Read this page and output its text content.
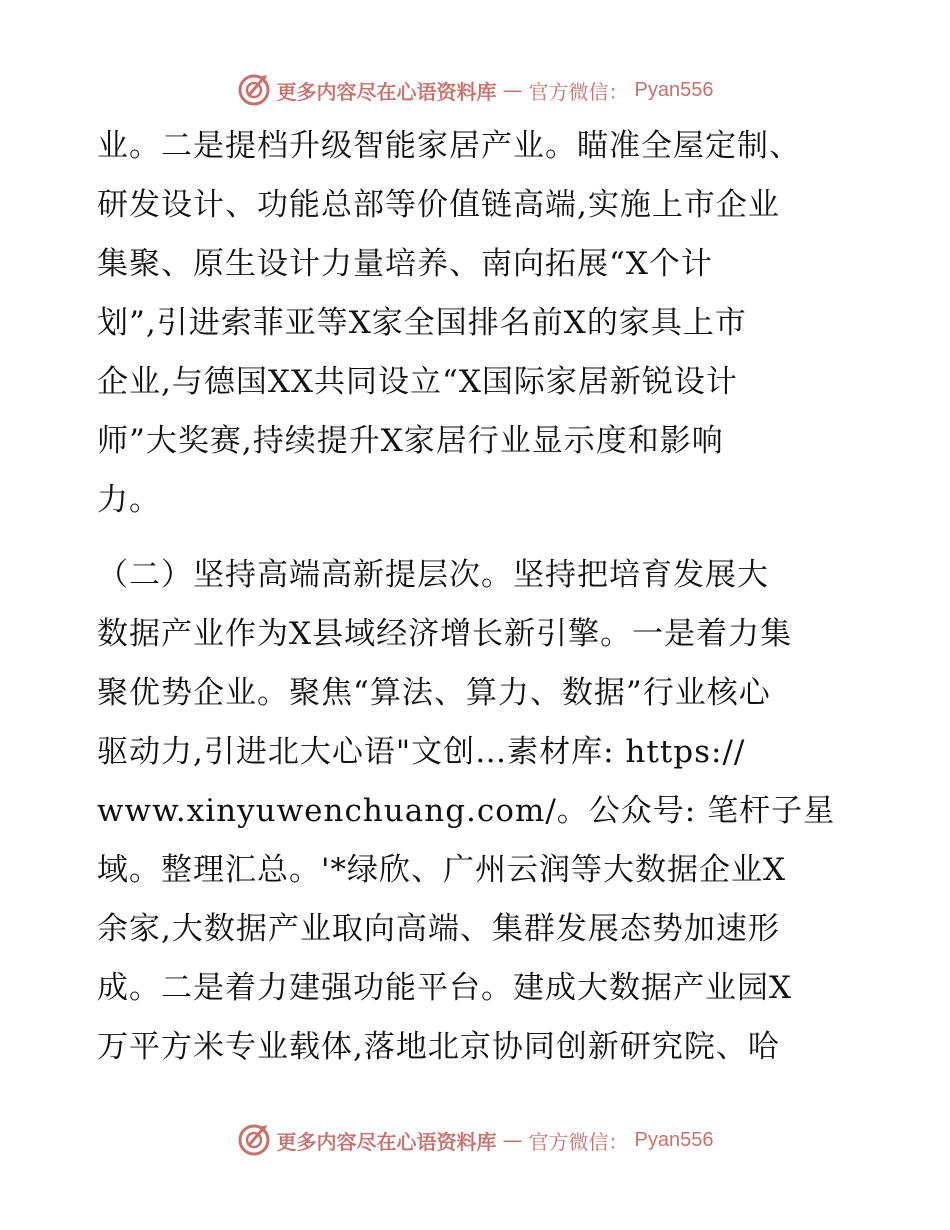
更多内容尽在心语资料库 — 官方微信： Pyan556
业。二是提档升级智能家居产业。瞄准全屋定制、
研发设计、功能总部等价值链高端,实施上市企业
集聚、原生设计力量培养、南向拓展“X个计
划”,引进索菲亚等X家全国排名前X的家具上市
企业,与德国XX共同设立“X国际家居新锐设计
师”大奖赛,持续提升X家居行业显示度和影响
力。
（二）坚持高端高新提层次。坚持把培育发展大
数据产业作为X县域经济增长新引擎。一是着力集
聚优势企业。聚焦“算法、算力、数据”行业核心
驱动力,引进北大心语"文创…素材库: https://
www.xinyuwenchuang.com/。公众号: 笔杆子星
域。整理汇总。'*绿欣、广州云润等大数据企业X
余家,大数据产业取向高端、集群发展态势加速形
成。二是着力建强功能平台。建成大数据产业园X
万平方米专业载体,落地北京协同创新研究院、哈
更多内容尽在心语资料库 — 官方微信： Pyan556
